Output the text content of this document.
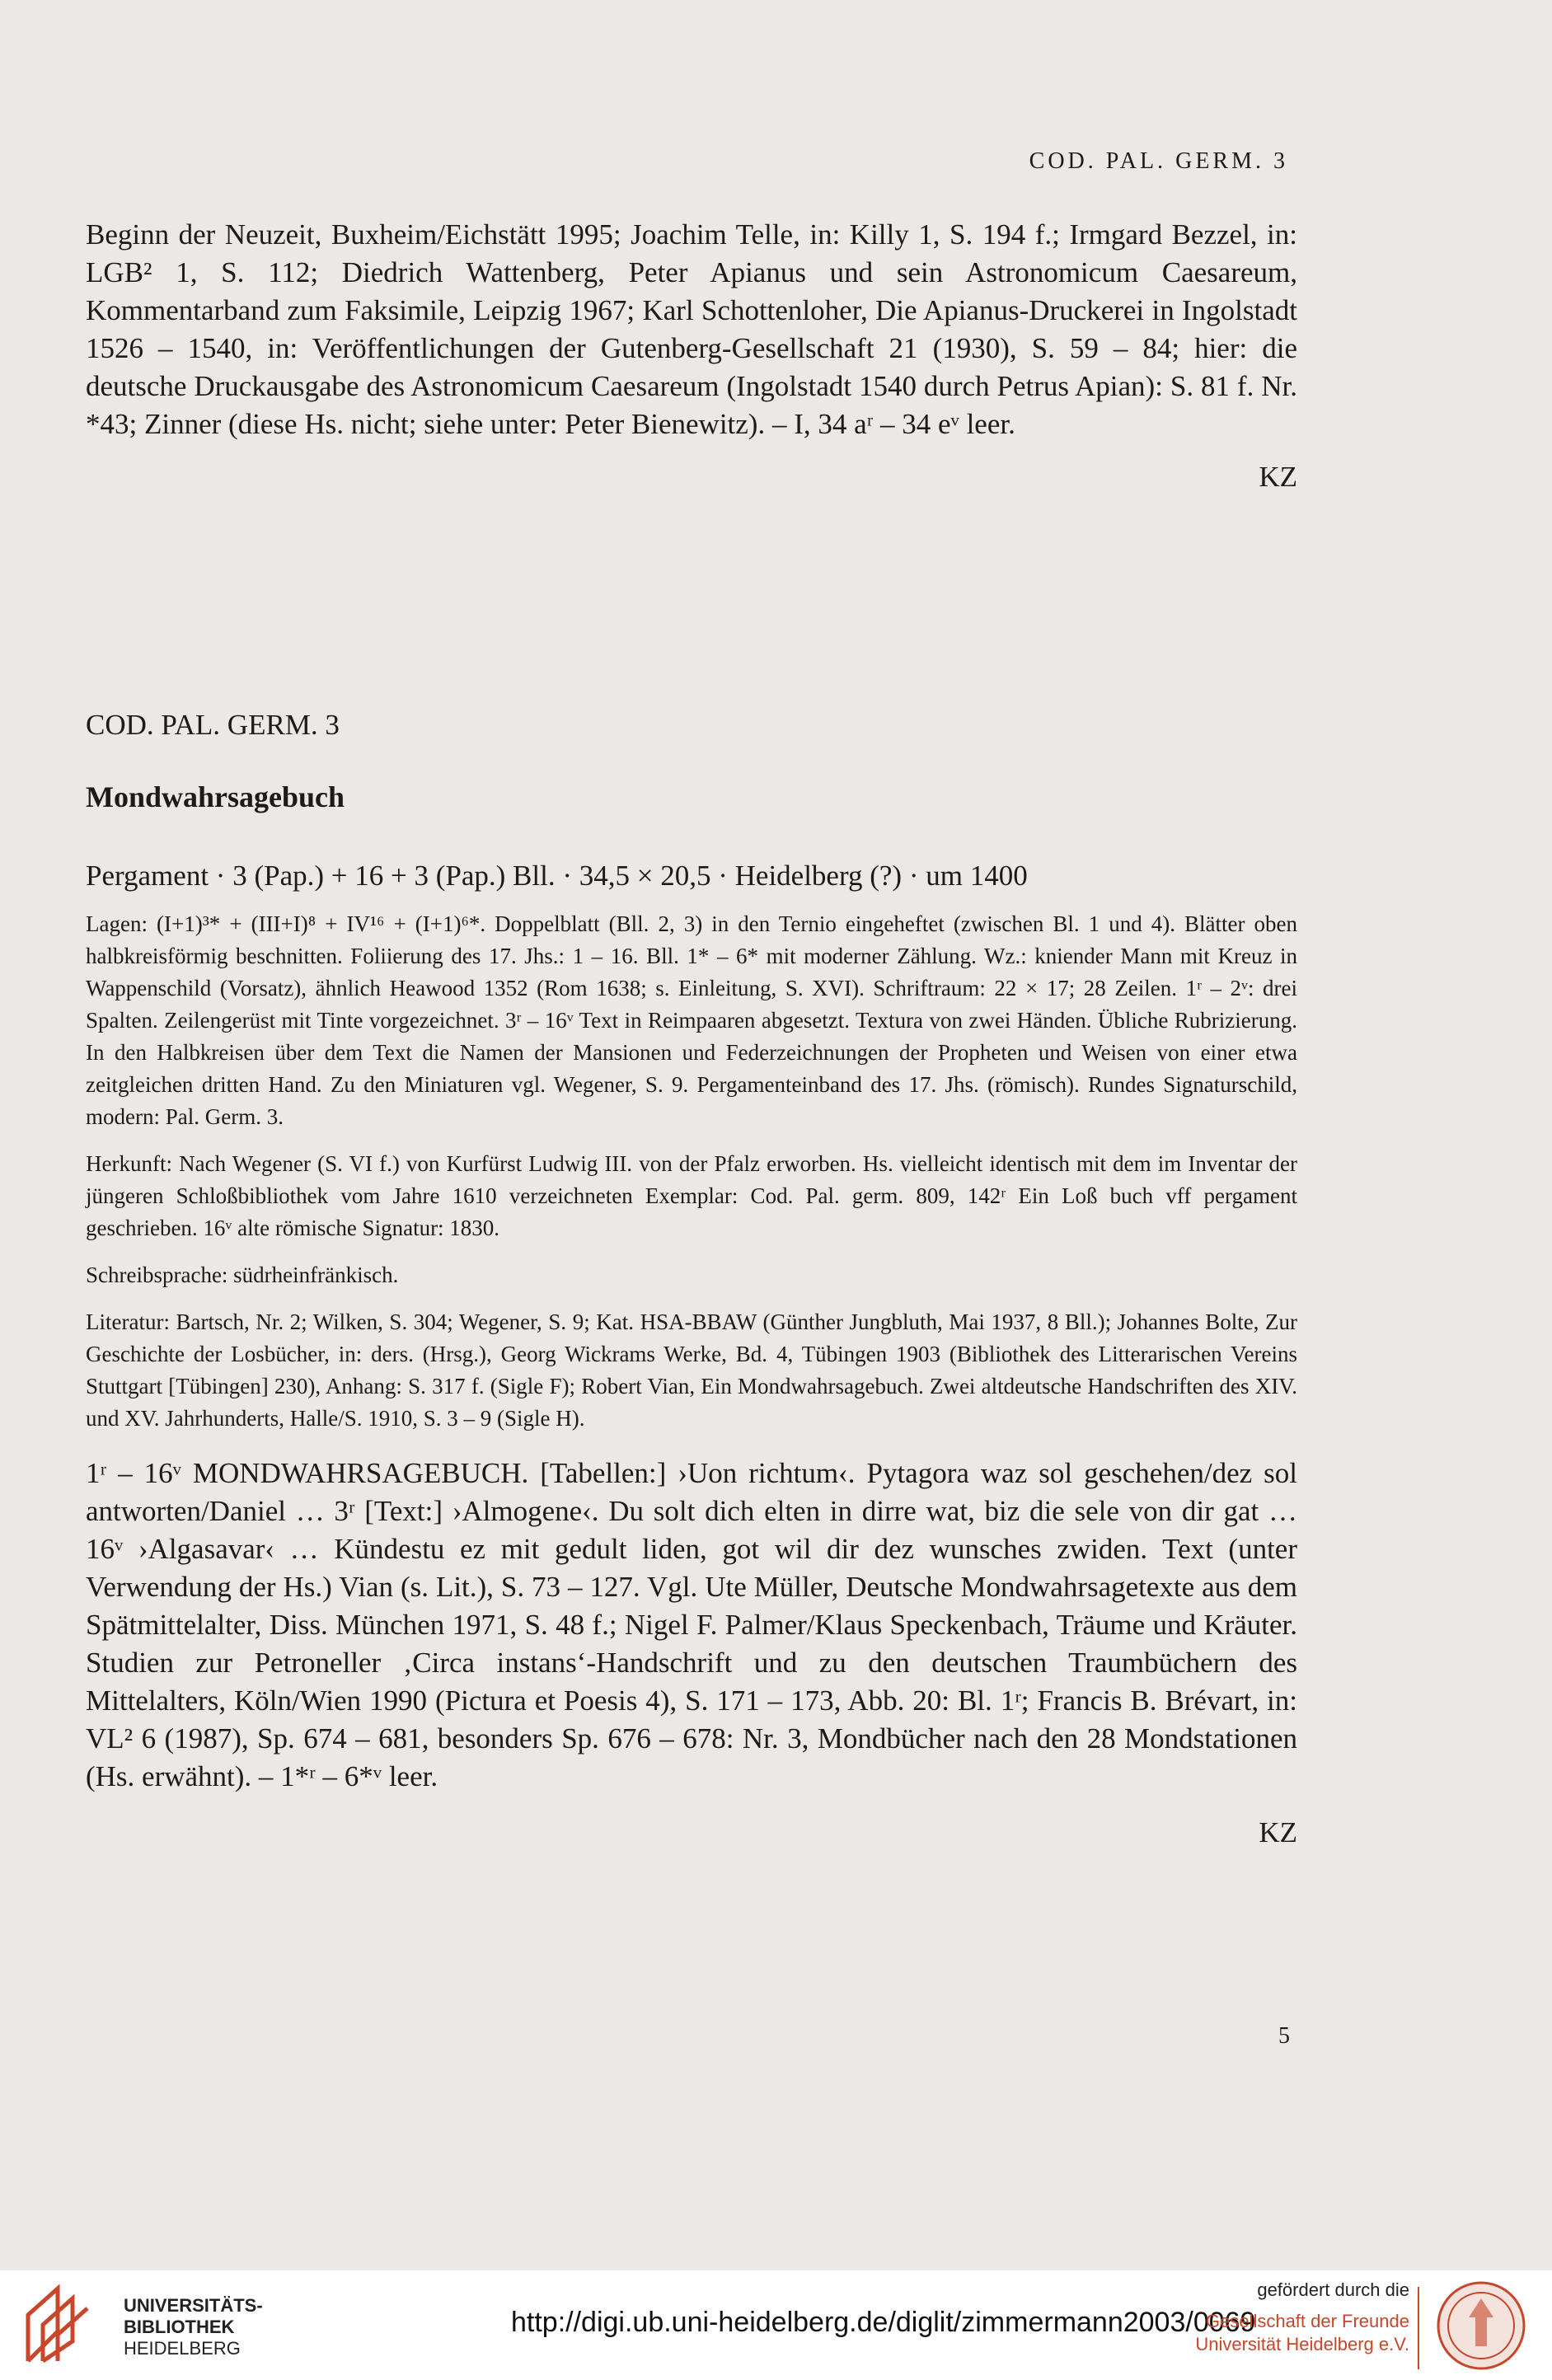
COD. PAL. GERM. 3

Beginn der Neuzeit, Buxheim/Eichstätt 1995; Joachim Telle, in: Killy 1, S. 194 f.; Irmgard Bezzel, in: LGB² 1, S. 112; Diedrich Wattenberg, Peter Apianus und sein Astronomicum Caesareum, Kommentarband zum Faksimile, Leipzig 1967; Karl Schottenloher, Die Apianus-Druckerei in Ingolstadt 1526 – 1540, in: Veröffentlichungen der Gutenberg-Gesellschaft 21 (1930), S. 59 – 84; hier: die deutsche Druckausgabe des Astronomicum Caesareum (Ingolstadt 1540 durch Petrus Apian): S. 81 f. Nr. *43; Zinner (diese Hs. nicht; siehe unter: Peter Bienewitz). – I, 34 aʳ – 34 eᵛ leer.

KZ

COD. PAL. GERM. 3
Mondwahrsagebuch

Pergament · 3 (Pap.) + 16 + 3 (Pap.) Bll. · 34,5 × 20,5 · Heidelberg (?) · um 1400

Lagen: (I+1)³* + (III+I)⁸ + IV¹⁶ + (I+1)⁶*. Doppelblatt (Bll. 2, 3) in den Ternio eingeheftet (zwischen Bl. 1 und 4). Blätter oben halbkreisförmig beschnitten. Foliierung des 17. Jhs.: 1 – 16. Bll. 1* – 6* mit moderner Zählung. Wz.: kniender Mann mit Kreuz in Wappenschild (Vorsatz), ähnlich Heawood 1352 (Rom 1638; s. Einleitung, S. XVI). Schriftraum: 22 × 17; 28 Zeilen. 1ʳ – 2ᵛ: drei Spalten. Zeilengerüst mit Tinte vorgezeichnet. 3ʳ – 16ᵛ Text in Reimpaaren abgesetzt. Textura von zwei Händen. Übliche Rubrizierung. In den Halbkreisen über dem Text die Namen der Mansionen und Federzeichnungen der Propheten und Weisen von einer etwa zeitgleichen dritten Hand. Zu den Miniaturen vgl. Wegener, S. 9. Pergamenteinband des 17. Jhs. (römisch). Rundes Signaturschild, modern: Pal. Germ. 3.

Herkunft: Nach Wegener (S. VI f.) von Kurfürst Ludwig III. von der Pfalz erworben. Hs. vielleicht identisch mit dem im Inventar der jüngeren Schloßbibliothek vom Jahre 1610 verzeichneten Exemplar: Cod. Pal. germ. 809, 142ʳ Ein Loß buch vff pergament geschrieben. 16ᵛ alte römische Signatur: 1830.

Schreibsprache: südrheinfränkisch.

Literatur: Bartsch, Nr. 2; Wilken, S. 304; Wegener, S. 9; Kat. HSA-BBAW (Günther Jungbluth, Mai 1937, 8 Bll.); Johannes Bolte, Zur Geschichte der Losbücher, in: ders. (Hrsg.), Georg Wickrams Werke, Bd. 4, Tübingen 1903 (Bibliothek des Litterarischen Vereins Stuttgart [Tübingen] 230), Anhang: S. 317 f. (Sigle F); Robert Vian, Ein Mondwahrsagebuch. Zwei altdeutsche Handschriften des XIV. und XV. Jahrhunderts, Halle/S. 1910, S. 3 – 9 (Sigle H).

1ʳ – 16ᵛ MONDWAHRSAGEBUCH. [Tabellen:] ›Uon richtum‹. Pytagora waz sol geschehen/dez sol antworten/Daniel … 3ʳ [Text:] ›Almogene‹. Du solt dich elten in dirre wat, biz die sele von dir gat … 16ᵛ ›Algasavar‹ … Kündestu ez mit gedult liden, got wil dir dez wunsches zwiden. Text (unter Verwendung der Hs.) Vian (s. Lit.), S. 73 – 127. Vgl. Ute Müller, Deutsche Mondwahrsagetexte aus dem Spätmittelalter, Diss. München 1971, S. 48 f.; Nigel F. Palmer/Klaus Speckenbach, Träume und Kräuter. Studien zur Petroneller ‚Circa instans‘-Handschrift und zu den deutschen Traumbüchern des Mittelalters, Köln/Wien 1990 (Pictura et Poesis 4), S. 171 – 173, Abb. 20: Bl. 1ʳ; Francis B. Brévart, in: VL² 6 (1987), Sp. 674 – 681, besonders Sp. 676 – 678: Nr. 3, Mondbücher nach den 28 Mondstationen (Hs. erwähnt). – 1*ʳ – 6*ᵛ leer.

KZ

5
UNIVERSITÄTS-
BIBLIOTHEK
HEIDELBERG
http://digi.ub.uni-heidelberg.de/diglit/zimmermann2003/0069
gefördert durch die
Gesellschaft der Freunde
Universität Heidelberg e.V.
